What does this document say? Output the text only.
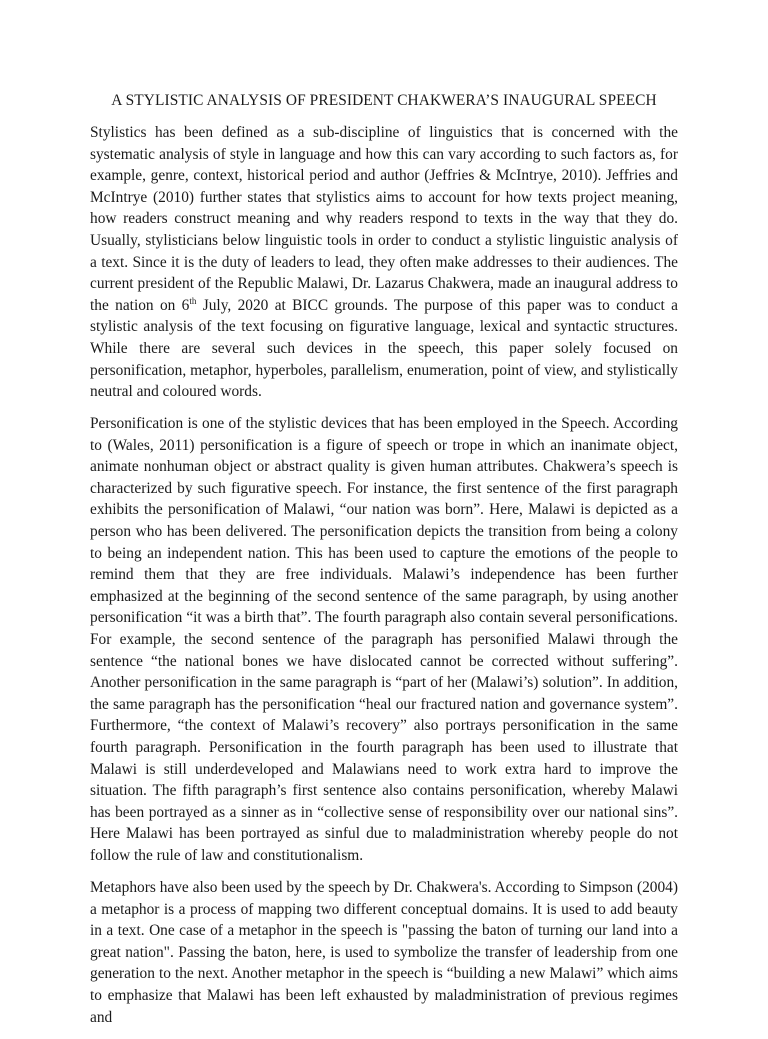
A STYLISTIC ANALYSIS OF PRESIDENT CHAKWERA’S INAUGURAL SPEECH

Stylistics has been defined as a sub-discipline of linguistics that is concerned with the systematic analysis of style in language and how this can vary according to such factors as, for example, genre, context, historical period and author (Jeffries & McIntrye, 2010). Jeffries and McIntrye (2010) further states that stylistics aims to account for how texts project meaning, how readers construct meaning and why readers respond to texts in the way that they do. Usually, stylisticians below linguistic tools in order to conduct a stylistic linguistic analysis of a text. Since it is the duty of leaders to lead, they often make addresses to their audiences. The current president of the Republic Malawi, Dr. Lazarus Chakwera, made an inaugural address to the nation on 6th July, 2020 at BICC grounds. The purpose of this paper was to conduct a stylistic analysis of the text focusing on figurative language, lexical and syntactic structures. While there are several such devices in the speech, this paper solely focused on personification, metaphor, hyperboles, parallelism, enumeration, point of view, and stylistically neutral and coloured words.

Personification is one of the stylistic devices that has been employed in the Speech. According to (Wales, 2011) personification is a figure of speech or trope in which an inanimate object, animate nonhuman object or abstract quality is given human attributes. Chakwera’s speech is characterized by such figurative speech. For instance, the first sentence of the first paragraph exhibits the personification of Malawi, “our nation was born”. Here, Malawi is depicted as a person who has been delivered. The personification depicts the transition from being a colony to being an independent nation. This has been used to capture the emotions of the people to remind them that they are free individuals. Malawi’s independence has been further emphasized at the beginning of the second sentence of the same paragraph, by using another personification “it was a birth that”. The fourth paragraph also contain several personifications. For example, the second sentence of the paragraph has personified Malawi through the sentence “the national bones we have dislocated cannot be corrected without suffering”. Another personification in the same paragraph is “part of her (Malawi’s) solution”. In addition, the same paragraph has the personification “heal our fractured nation and governance system”. Furthermore, “the context of Malawi’s recovery” also portrays personification in the same fourth paragraph. Personification in the fourth paragraph has been used to illustrate that Malawi is still underdeveloped and Malawians need to work extra hard to improve the situation. The fifth paragraph’s first sentence also contains personification, whereby Malawi has been portrayed as a sinner as in “collective sense of responsibility over our national sins”. Here Malawi has been portrayed as sinful due to maladministration whereby people do not follow the rule of law and constitutionalism.

Metaphors have also been used by the speech by Dr. Chakwera's. According to Simpson (2004) a metaphor is a process of mapping two different conceptual domains. It is used to add beauty in a text. One case of a metaphor in the speech is "passing the baton of turning our land into a great nation". Passing the baton, here, is used to symbolize the transfer of leadership from one generation to the next. Another metaphor in the speech is “building a new Malawi” which aims to emphasize that Malawi has been left exhausted by maladministration of previous regimes and
